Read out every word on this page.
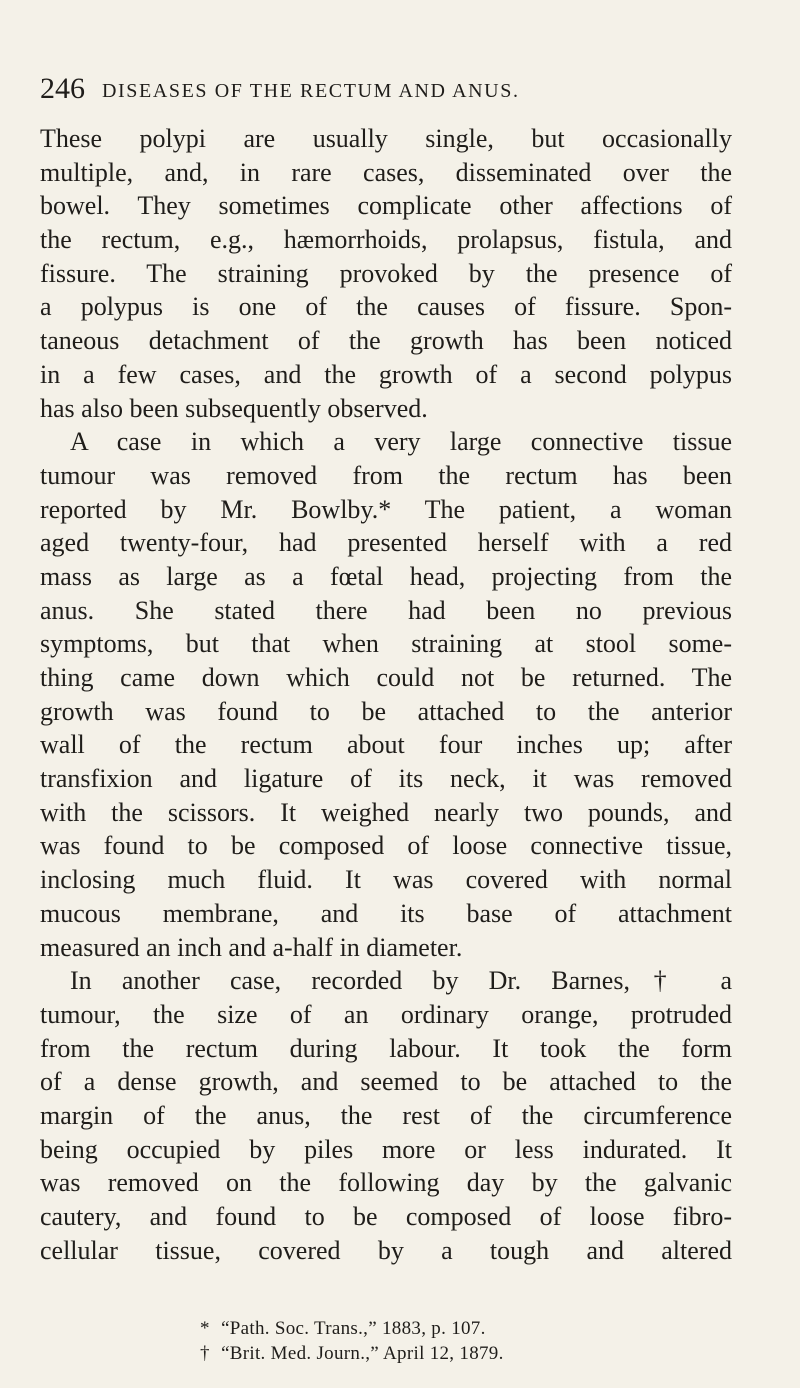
246 DISEASES OF THE RECTUM AND ANUS.
These polypi are usually single, but occasionally
multiple, and, in rare cases, disseminated over the
bowel. They sometimes complicate other affections of
the rectum, e.g., hæmorrhoids, prolapsus, fistula, and
fissure. The straining provoked by the presence of
a polypus is one of the causes of fissure. Spon-
taneous detachment of the growth has been noticed
in a few cases, and the growth of a second polypus
has also been subsequently observed.
A case in which a very large connective tissue
tumour was removed from the rectum has been
reported by Mr. Bowlby.* The patient, a woman
aged twenty-four, had presented herself with a red
mass as large as a fœtal head, projecting from the
anus. She stated there had been no previous
symptoms, but that when straining at stool some-
thing came down which could not be returned. The
growth was found to be attached to the anterior
wall of the rectum about four inches up; after
transfixion and ligature of its neck, it was removed
with the scissors. It weighed nearly two pounds, and
was found to be composed of loose connective tissue,
inclosing much fluid. It was covered with normal
mucous membrane, and its base of attachment
measured an inch and a-half in diameter.
In another case, recorded by Dr. Barnes,† a
tumour, the size of an ordinary orange, protruded
from the rectum during labour. It took the form
of a dense growth, and seemed to be attached to the
margin of the anus, the rest of the circumference
being occupied by piles more or less indurated. It
was removed on the following day by the galvanic
cautery, and found to be composed of loose fibro-
cellular tissue, covered by a tough and altered
* “Path. Soc. Trans.,” 1883, p. 107.
† “Brit. Med. Journ.,” April 12, 1879.
